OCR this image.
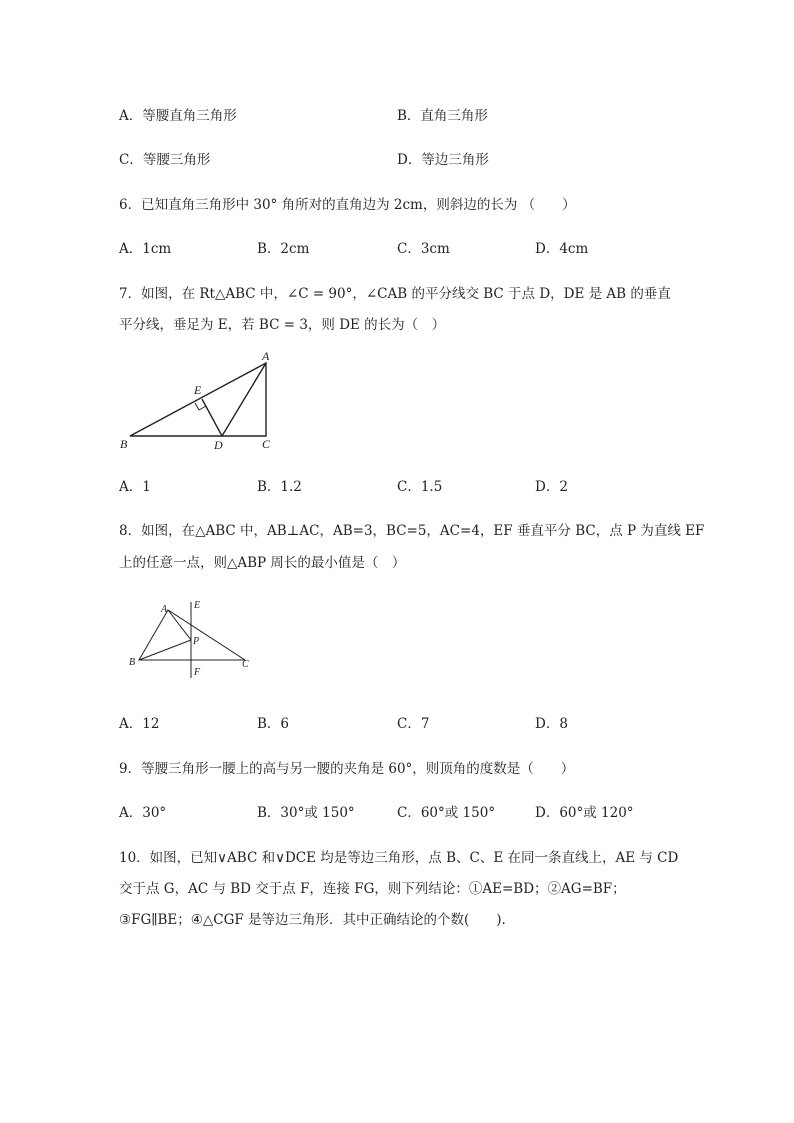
A．等腰直角三角形	B．直角三角形
C．等腰三角形	D．等边三角形
6．已知直角三角形中 30° 角所对的直角边为 2cm，则斜边的长为 （　　）
A．1cm	B．2cm	C．3cm	D．4cm
7．如图，在 Rt△ABC 中，∠C = 90°，∠CAB 的平分线交 BC 于点 D，DE 是 AB 的垂直
平分线，垂足为 E，若 BC = 3，则 DE 的长为（　）
A
B	C
D
E
A．1	B．1.2	C．1.5	D．2
8．如图，在△ABC 中，AB⊥AC，AB=3，BC=5，AC=4，EF 垂直平分 BC，点 P 为直线 EF
上的任意一点，则△ABP 周长的最小值是（　）
A
B	C
E
F
P
A．12	B．6	C．7	D．8
9．等腰三角形一腰上的高与另一腰的夹角是 60°，则顶角的度数是（　　）
A．30°	B．30°或 150°	C．60°或 150°	D．60°或 120°
10．如图，已知∨ABC 和∨DCE 均是等边三角形，点 B、C、E 在同一条直线上，AE 与 CD
交于点 G，AC 与 BD 交于点 F，连接 FG，则下列结论：①AE=BD；②AG=BF；
③FG∥BE；④△CGF 是等边三角形．其中正确结论的个数(　　).
